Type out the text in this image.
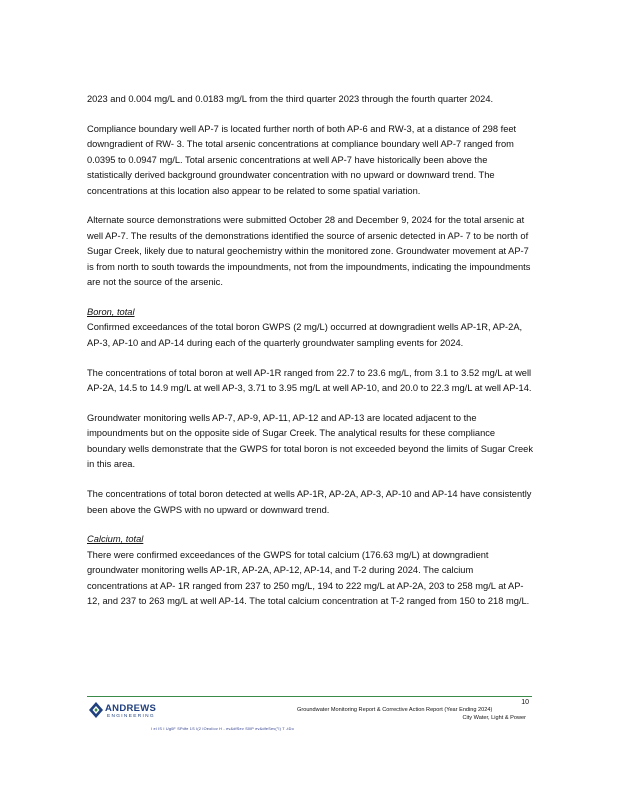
2023 and 0.004 mg/L and 0.0183 mg/L from the third quarter 2023 through the fourth quarter 2024.

Compliance boundary well AP-7 is located further north of both AP-6 and RW-3, at a distance of 298 feet downgradient of RW- 3. The total arsenic concentrations at compliance boundary well AP-7 ranged from 0.0395 to 0.0947 mg/L. Total arsenic concentrations at well AP-7 have historically been above the statistically derived background groundwater concentration with no upward or downward trend. The concentrations at this location also appear to be related to some spatial variation.

Alternate source demonstrations were submitted October 28 and December 9, 2024 for the total arsenic at well AP-7. The results of the demonstrations identified the source of arsenic detected in AP- 7 to be north of Sugar Creek, likely due to natural geochemistry within the monitored zone. Groundwater movement at AP-7 is from north to south towards the impoundments, not from the impoundments, indicating the impoundments are not the source of the arsenic.

Boron, total

Confirmed exceedances of the total boron GWPS (2 mg/L) occurred at downgradient wells AP-1R, AP-2A, AP-3, AP-10 and AP-14 during each of the quarterly groundwater sampling events for 2024.

The concentrations of total boron at well AP-1R ranged from 22.7 to 23.6 mg/L, from 3.1 to 3.52 mg/L at well AP-2A, 14.5 to 14.9 mg/L at well AP-3, 3.71 to 3.95 mg/L at well AP-10, and 20.0 to 22.3 mg/L at well AP-14.

Groundwater monitoring wells AP-7, AP-9, AP-11, AP-12 and AP-13 are located adjacent to the impoundments but on the opposite side of Sugar Creek. The analytical results for these compliance boundary wells demonstrate that the GWPS for total boron is not exceeded beyond the limits of Sugar Creek in this area.

The concentrations of total boron detected at wells AP-1R, AP-2A, AP-3, AP-10 and AP-14 have consistently been above the GWPS with no upward or downward trend.

Calcium, total

There were confirmed exceedances of the GWPS for total calcium (176.63 mg/L) at downgradient groundwater monitoring wells AP-1R, AP-2A, AP-12, AP-14, and T-2 during 2024. The calcium concentrations at AP- 1R ranged from 237 to 250 mg/L, 194 to 222 mg/L at AP-2A, 203 to 258 mg/L at AP-12, and 237 to 263 mg/L at well AP-14. The total calcium concentration at T-2 ranged from 150 to 218 mg/L.

ANDREWS
ENGINEERING
10
Groundwater Monitoring Report & Corrective Action Report (Year Ending 2024)
City Water, Light & Power
I el IS I Ug0F SPdfe 1S I(2 IOeoliov H - ev&dfSev S0lP ev&dfeSev(°l) T -tDo
